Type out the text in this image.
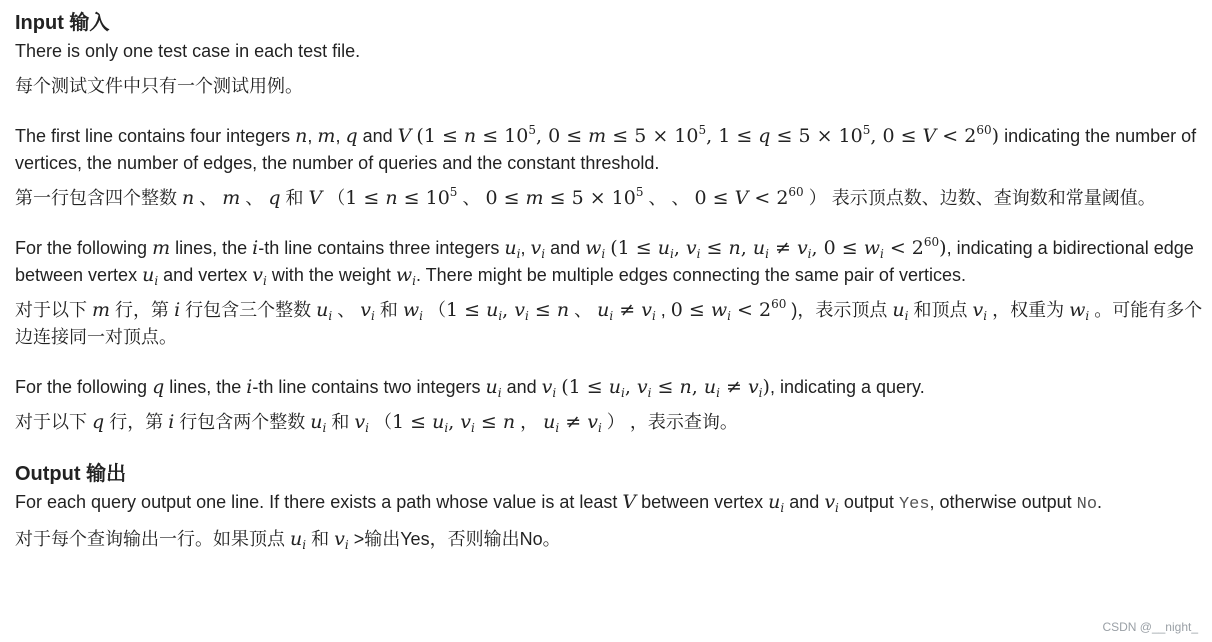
Input 输入

There is only one test case in each test file.

每个测试文件中只有一个测试用例。

The first line contains four integers n, m, q and V ($1 \le n \le 10^5$, $0 \le m \le 5 \times 10^5$, $1 \le q \le 5 \times 10^5$, $0 \le V < 2^{60}$) indicating the number of vertices, the number of edges, the number of queries and the constant threshold.

第一行包含四个整数 n 、 m 、 q 和 V （$1 \le n \le 10^5$ 、 $0 \le m \le 5 \times 10^5$ 、 、 $0 \le V < 2^{60}$ ） 表示顶点数、边数、查询数和常量阈值。

For the following m lines, the i-th line contains three integers $u_i$, $v_i$ and $w_i$ ($1 \le u_i$, $v_i \le n$, $u_i \ne v_i$, $0 \le w_i < 2^{60}$), indicating a bidirectional edge between vertex $u_i$ and vertex $v_i$ with the weight $w_i$. There might be multiple edges connecting the same pair of vertices.

对于以下 m 行，第 i 行包含三个整数 $u_i$ 、 $v_i$ 和 $w_i$ （$1 \le u_i$, $v_i \le n$ 、 $u_i \ne v_i$ , $0 \le w_i < 2^{60}$ )，表示顶点 $u_i$ 和顶点 $v_i$ ，权重为 $w_i$ 。可能有多个边连接同一对顶点。

For the following q lines, the i-th line contains two integers $u_i$ and $v_i$ ($1 \le u_i$, $v_i \le n$, $u_i \ne v_i$), indicating a query.

对于以下 q 行，第 i 行包含两个整数 $u_i$ 和 $v_i$ （$1 \le u_i$, $v_i \le n$ ， $u_i \ne v_i$ ） ，表示查询。

Output 输出

For each query output one line. If there exists a path whose value is at least V between vertex $u_i$ and $v_i$ output Yes, otherwise output No.

对于每个查询输出一行。如果顶点 $u_i$ 和 $v_i$ >输出Yes，否则输出No。

CSDN @__night_
